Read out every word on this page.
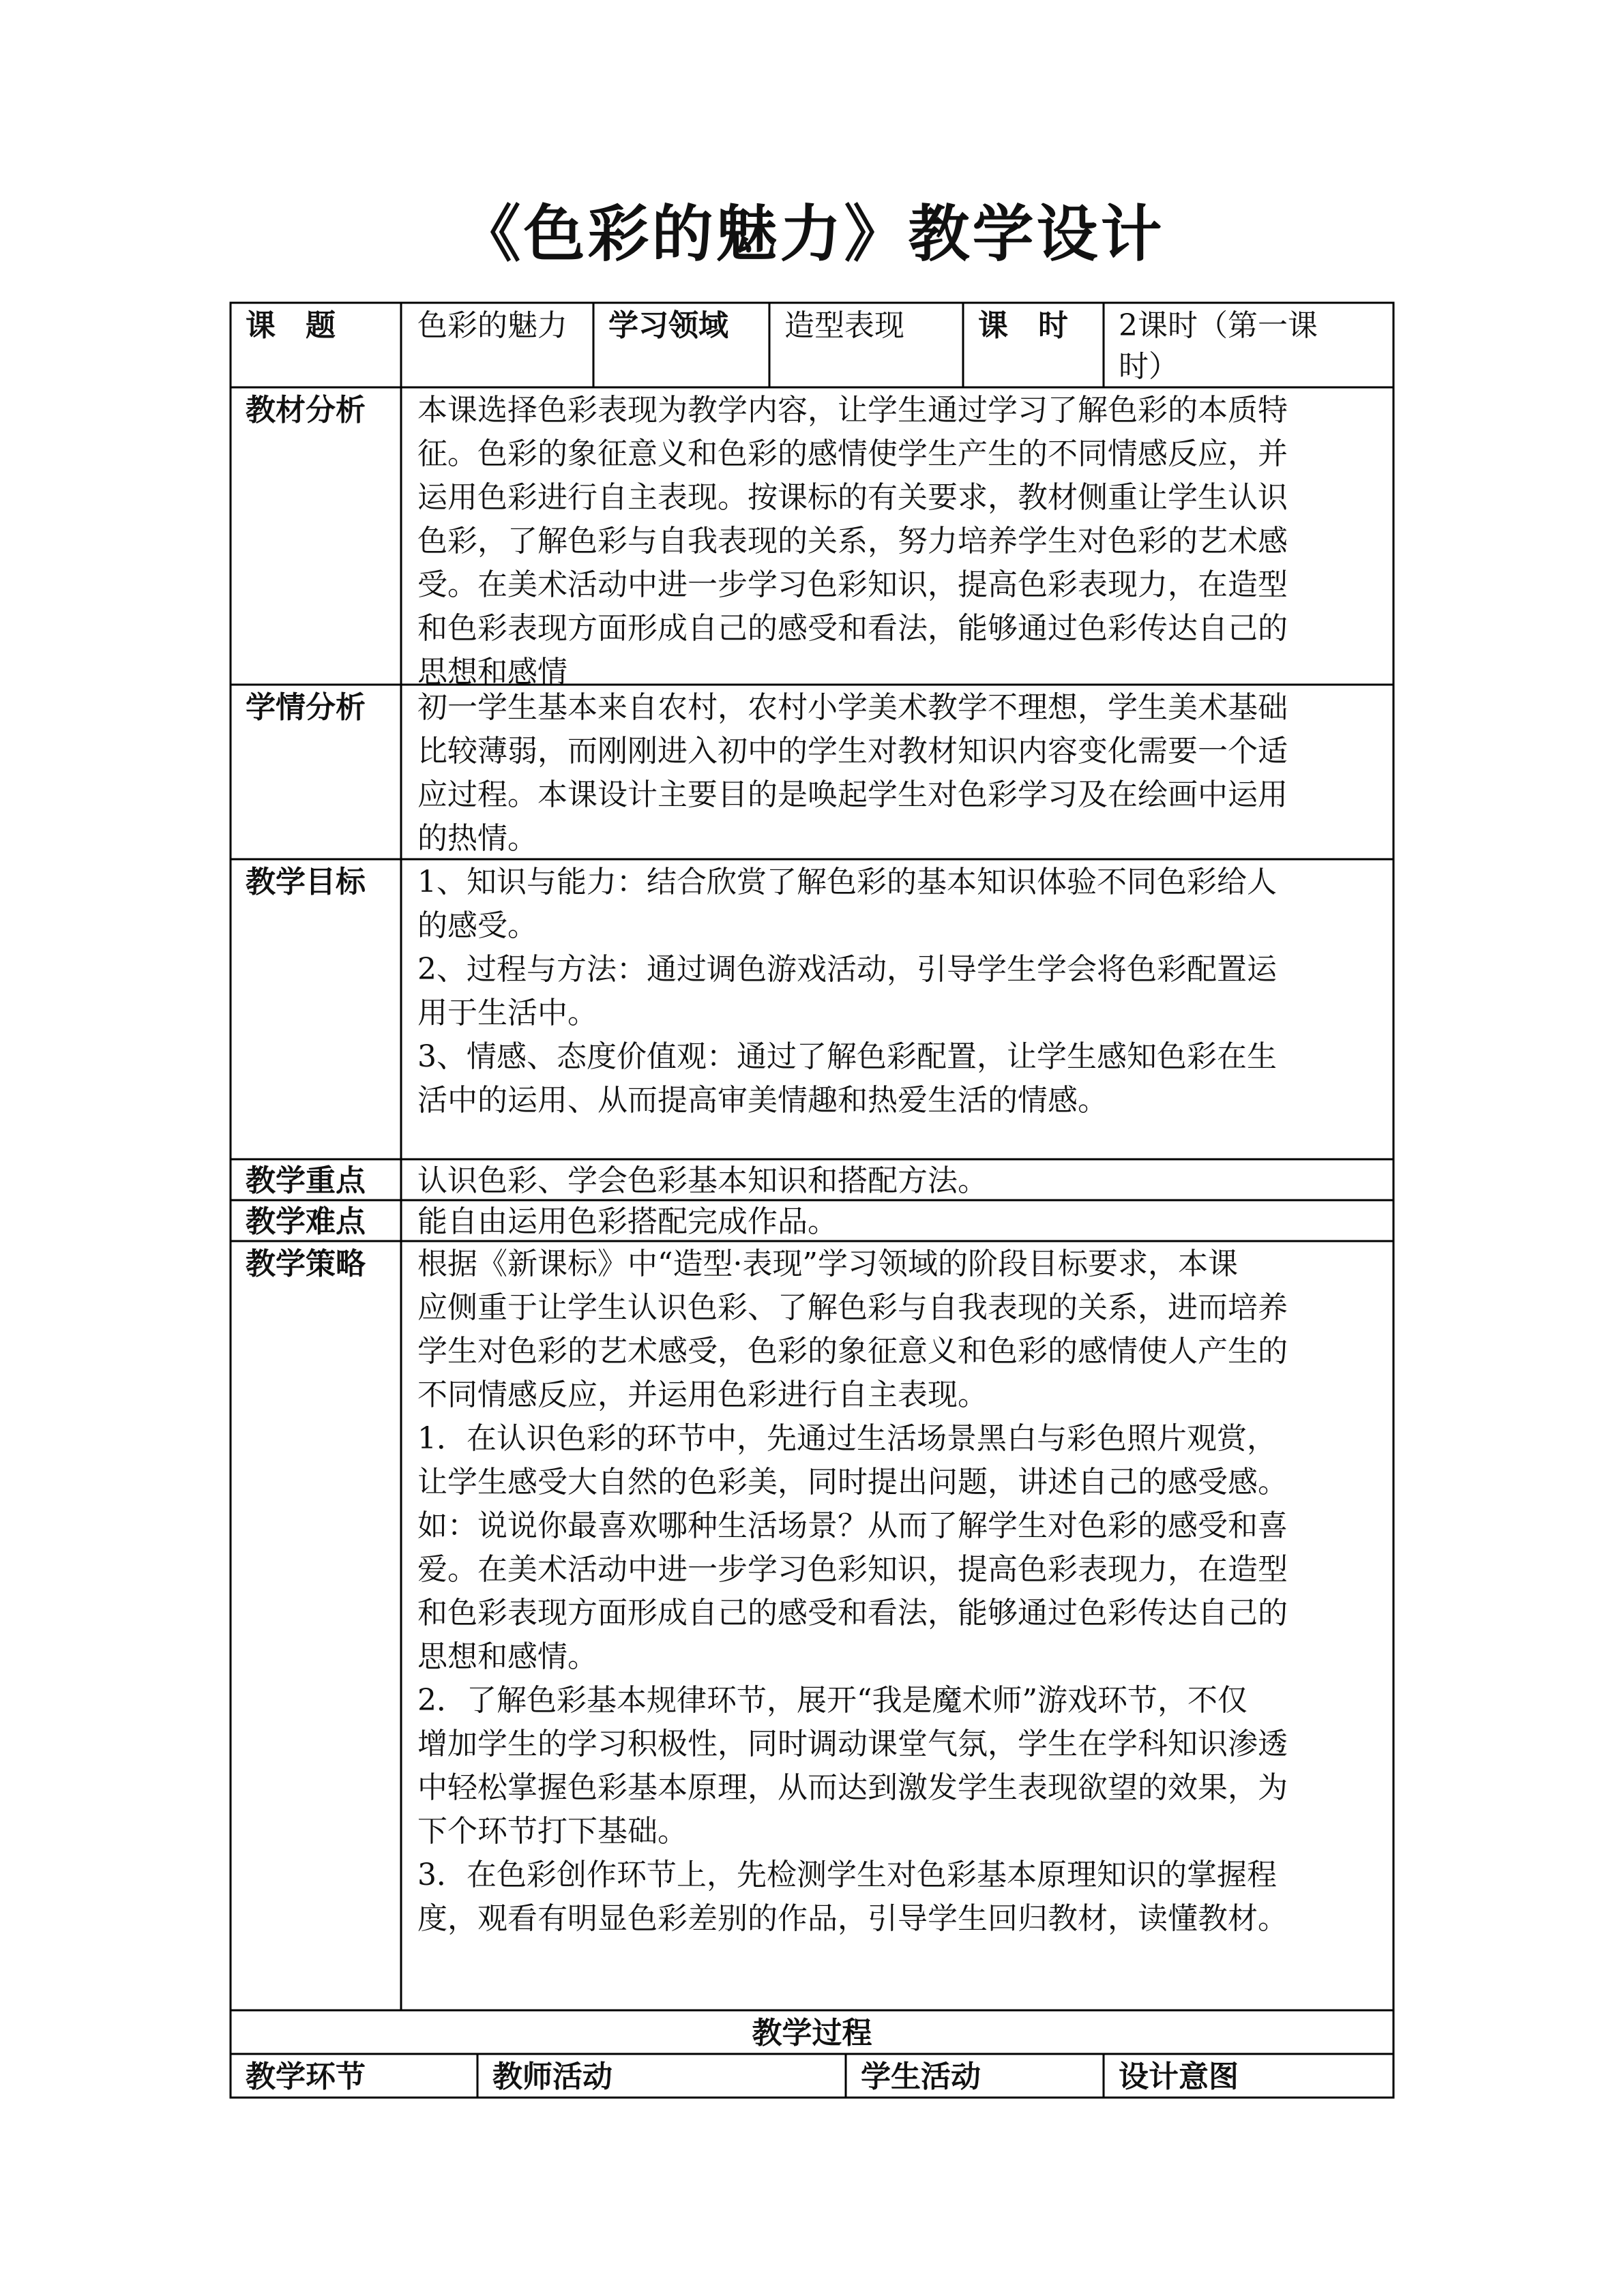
《色彩的魅力》教学设计
课　题	色彩的魅力	学习领域	造型表现	课　时	2课时（第一课
时）
教材分析	本课选择色彩表现为教学内容，让学生通过学习了解色彩的本质特
征。色彩的象征意义和色彩的感情使学生产生的不同情感反应，并
运用色彩进行自主表现。按课标的有关要求，教材侧重让学生认识
色彩，了解色彩与自我表现的关系，努力培养学生对色彩的艺术感
受。在美术活动中进一步学习色彩知识，提高色彩表现力，在造型
和色彩表现方面形成自己的感受和看法，能够通过色彩传达自己的
思想和感情
学情分析	初一学生基本来自农村，农村小学美术教学不理想，学生美术基础
比较薄弱，而刚刚进入初中的学生对教材知识内容变化需要一个适
应过程。本课设计主要目的是唤起学生对色彩学习及在绘画中运用
的热情。
教学目标	1、知识与能力：结合欣赏了解色彩的基本知识体验不同色彩给人
的感受。
2、过程与方法：通过调色游戏活动，引导学生学会将色彩配置运
用于生活中。
3、情感、态度价值观：通过了解色彩配置，让学生感知色彩在生
活中的运用、从而提高审美情趣和热爱生活的情感。
教学重点	认识色彩、学会色彩基本知识和搭配方法。
教学难点	能自由运用色彩搭配完成作品。
教学策略	根据《新课标》中“造型·表现”学习领域的阶段目标要求，本课
应侧重于让学生认识色彩、了解色彩与自我表现的关系，进而培养
学生对色彩的艺术感受，色彩的象征意义和色彩的感情使人产生的
不同情感反应，并运用色彩进行自主表现。
1．在认识色彩的环节中，先通过生活场景黑白与彩色照片观赏，
让学生感受大自然的色彩美，同时提出问题，讲述自己的感受感。
如：说说你最喜欢哪种生活场景？从而了解学生对色彩的感受和喜
爱。在美术活动中进一步学习色彩知识，提高色彩表现力，在造型
和色彩表现方面形成自己的感受和看法，能够通过色彩传达自己的
思想和感情。
2．了解色彩基本规律环节，展开“我是魔术师”游戏环节，不仅
增加学生的学习积极性，同时调动课堂气氛，学生在学科知识渗透
中轻松掌握色彩基本原理，从而达到激发学生表现欲望的效果，为
下个环节打下基础。
3．在色彩创作环节上，先检测学生对色彩基本原理知识的掌握程
度，观看有明显色彩差别的作品，引导学生回归教材，读懂教材。
教学过程
教学环节	教师活动	学生活动	设计意图
